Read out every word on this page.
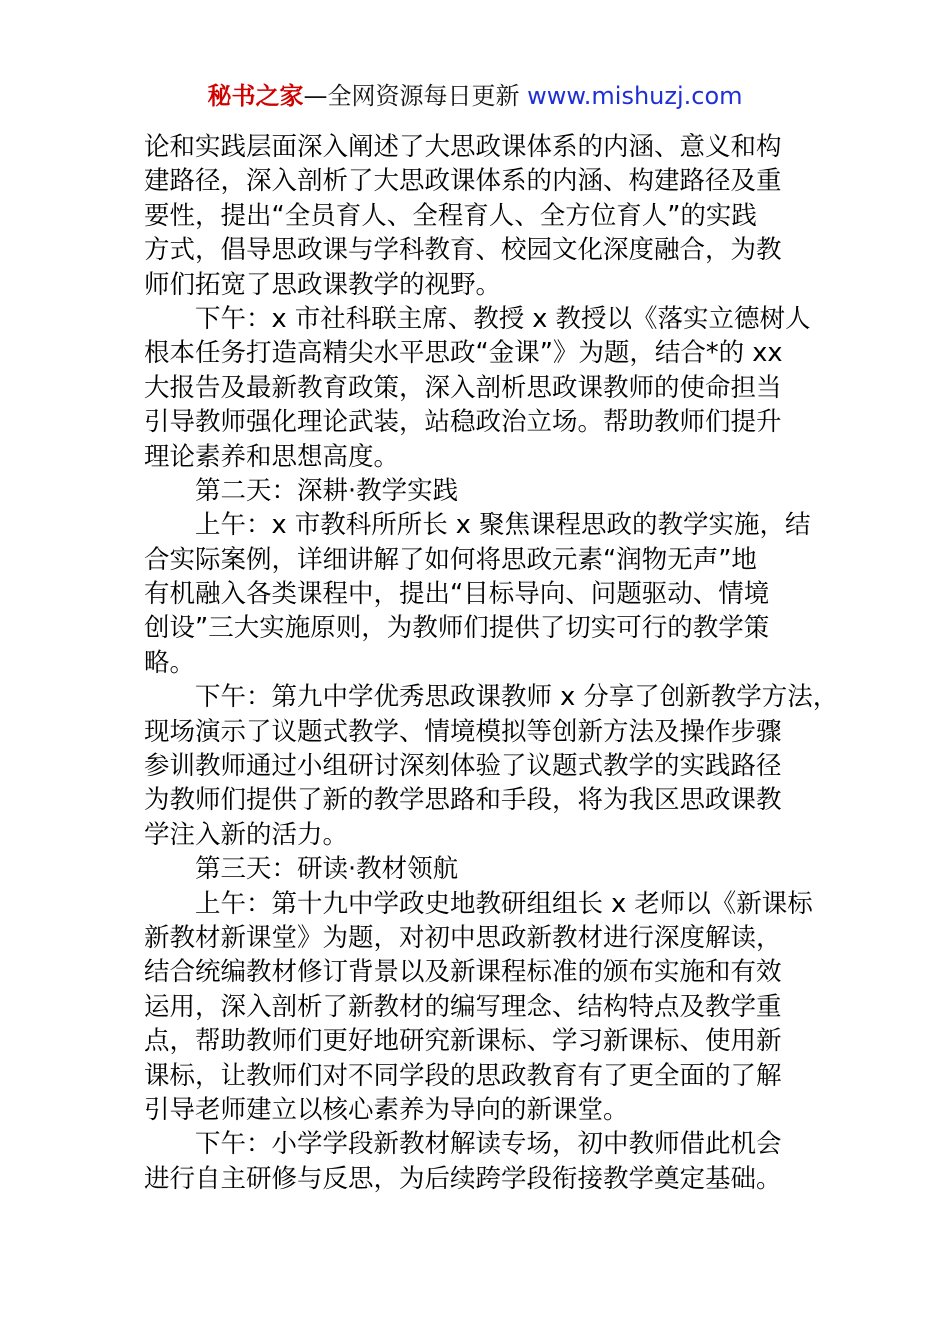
秘书之家—全网资源每日更新 www.mishuzj.com
论和实践层面深入阐述了大思政课体系的内涵、意义和构
建路径，深入剖析了大思政课体系的内涵、构建路径及重
要性，提出“全员育人、全程育人、全方位育人”的实践
方式，倡导思政课与学科教育、校园文化深度融合，为教
师们拓宽了思政课教学的视野。
下午：x 市社科联主席、教授 x 教授以《落实立德树人
根本任务打造高精尖水平思政“金课”》为题，结合*的 xx
大报告及最新教育政策，深入剖析思政课教师的使命担当
引导教师强化理论武装，站稳政治立场。帮助教师们提升
理论素养和思想高度。
第二天：深耕·教学实践
上午：x 市教科所所长 x 聚焦课程思政的教学实施，结
合实际案例，详细讲解了如何将思政元素“润物无声”地
有机融入各类课程中，提出“目标导向、问题驱动、情境
创设”三大实施原则，为教师们提供了切实可行的教学策
略。
下午：第九中学优秀思政课教师 x 分享了创新教学方法，
现场演示了议题式教学、情境模拟等创新方法及操作步骤
参训教师通过小组研讨深刻体验了议题式教学的实践路径
为教师们提供了新的教学思路和手段，将为我区思政课教
学注入新的活力。
第三天：研读·教材领航
上午：第十九中学政史地教研组组长 x 老师以《新课标
新教材新课堂》为题，对初中思政新教材进行深度解读，
结合统编教材修订背景以及新课程标准的颁布实施和有效
运用，深入剖析了新教材的编写理念、结构特点及教学重
点，帮助教师们更好地研究新课标、学习新课标、使用新
课标，让教师们对不同学段的思政教育有了更全面的了解
引导老师建立以核心素养为导向的新课堂。
下午：小学学段新教材解读专场，初中教师借此机会
进行自主研修与反思，为后续跨学段衔接教学奠定基础。
